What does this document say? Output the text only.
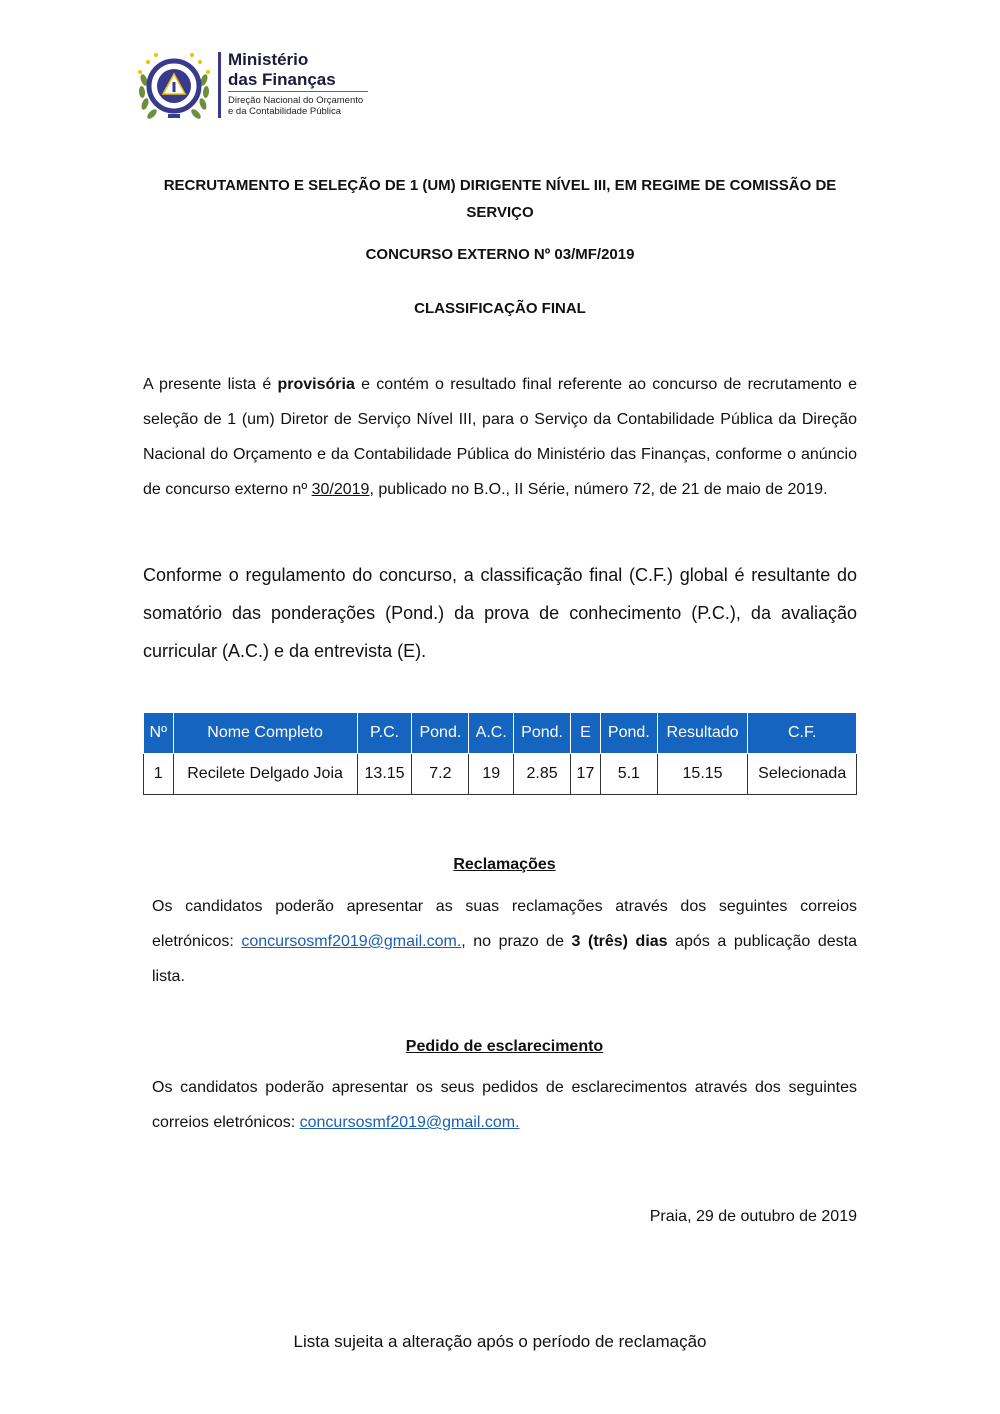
Ministério
das Finanças
Direção Nacional do Orçamento
e da Contabilidade Pública
RECRUTAMENTO E SELEÇÃO DE 1 (UM) DIRIGENTE NÍVEL III, EM REGIME DE COMISSÃO DE SERVIÇO
CONCURSO EXTERNO Nº 03/MF/2019
CLASSIFICAÇÃO FINAL

A presente lista é provisória e contém o resultado final referente ao concurso de recrutamento e seleção de 1 (um) Diretor de Serviço Nível III, para o Serviço da Contabilidade Pública da Direção Nacional do Orçamento e da Contabilidade Pública do Ministério das Finanças, conforme o anúncio de concurso externo nº 30/2019, publicado no B.O., II Série, número 72, de 21 de maio de 2019.

Conforme o regulamento do concurso, a classificação final (C.F.) global é resultante do somatório das ponderações (Pond.) da prova de conhecimento (P.C.), da avaliação curricular (A.C.) e da entrevista (E).

Nº	Nome Completo	P.C.	Pond.	A.C.	Pond.	E	Pond.	Resultado	C.F.
1	Recilete Delgado Joia	13.15	7.2	19	2.85	17	5.1	15.15	Selecionada
Reclamações

Os candidatos poderão apresentar as suas reclamações através dos seguintes correios eletrónicos: concursosmf2019@gmail.com., no prazo de 3 (três) dias após a publicação desta lista.

Pedido de esclarecimento

Os candidatos poderão apresentar os seus pedidos de esclarecimentos através dos seguintes correios eletrónicos: concursosmf2019@gmail.com.

Praia, 29 de outubro de 2019
Lista sujeita a alteração após o período de reclamação
